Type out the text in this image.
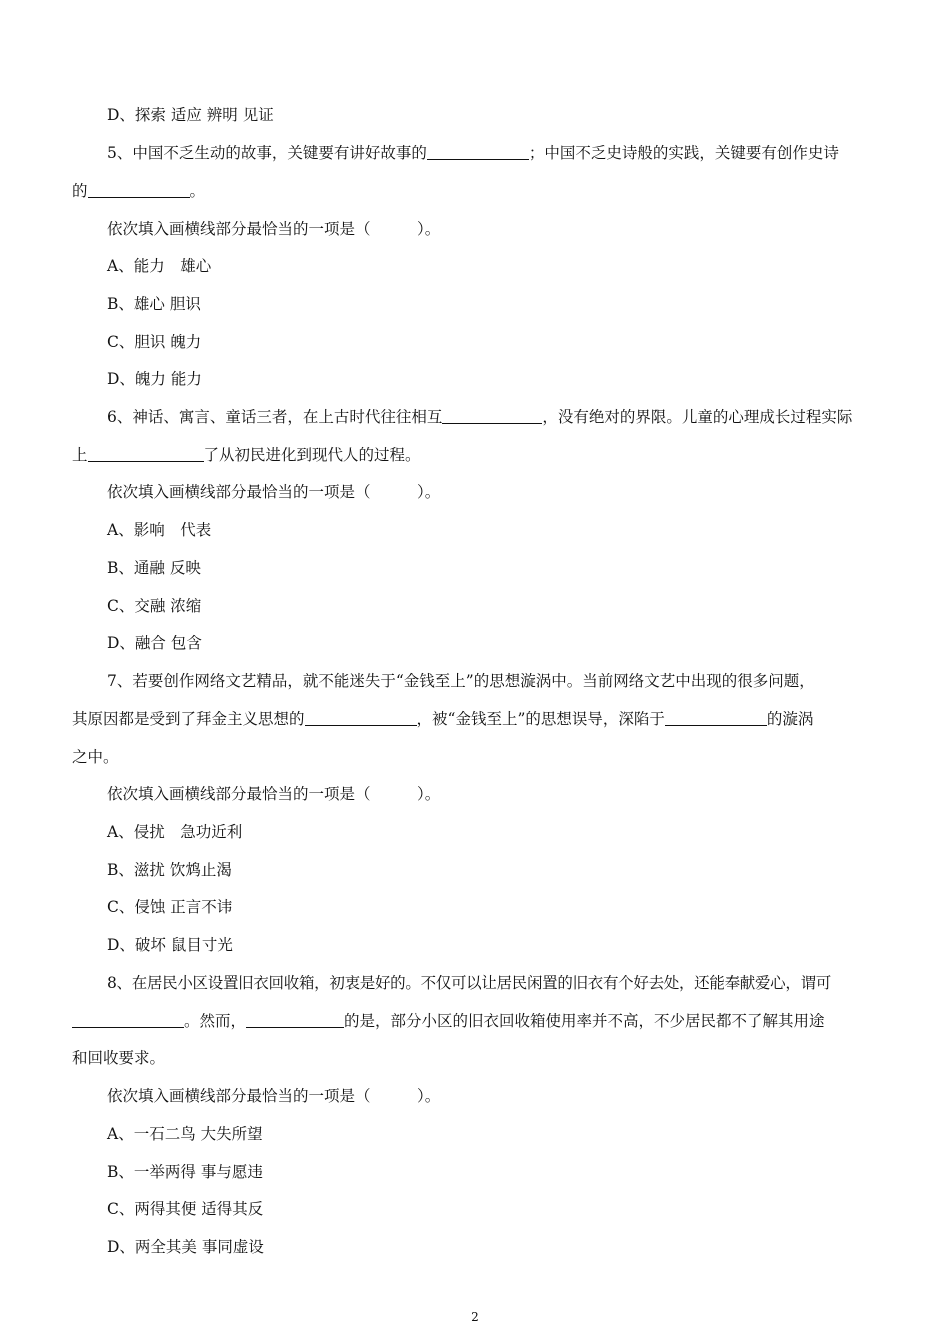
D、探索 适应 辨明 见证
5、中国不乏生动的故事，关键要有讲好故事的	；中国不乏史诗般的实践，关键要有创作史诗
的	。
依次填入画横线部分最恰当的一项是（　　　）。
A、能力　雄心
B、雄心 胆识
C、胆识 魄力
D、魄力 能力
6、神话、寓言、童话三者，在上古时代往往相互	，没有绝对的界限。儿童的心理成长过程实际
上	了从初民进化到现代人的过程。
依次填入画横线部分最恰当的一项是（　　　）。
A、影响　代表
B、通融 反映
C、交融 浓缩
D、融合 包含
7、若要创作网络文艺精品，就不能迷失于“金钱至上”的思想漩涡中。当前网络文艺中出现的很多问题，
其原因都是受到了拜金主义思想的	，被“金钱至上”的思想误导，深陷于	的漩涡
之中。
依次填入画横线部分最恰当的一项是（　　　）。
A、侵扰　急功近利
B、滋扰 饮鸩止渴
C、侵蚀 正言不讳
D、破坏 鼠目寸光
8、在居民小区设置旧衣回收箱，初衷是好的。不仅可以让居民闲置的旧衣有个好去处，还能奉献爱心，谓可
。然而，	的是，部分小区的旧衣回收箱使用率并不高，不少居民都不了解其用途
和回收要求。
依次填入画横线部分最恰当的一项是（　　　）。
A、一石二鸟 大失所望
B、一举两得 事与愿违
C、两得其便 适得其反
D、两全其美 事同虚设
2
